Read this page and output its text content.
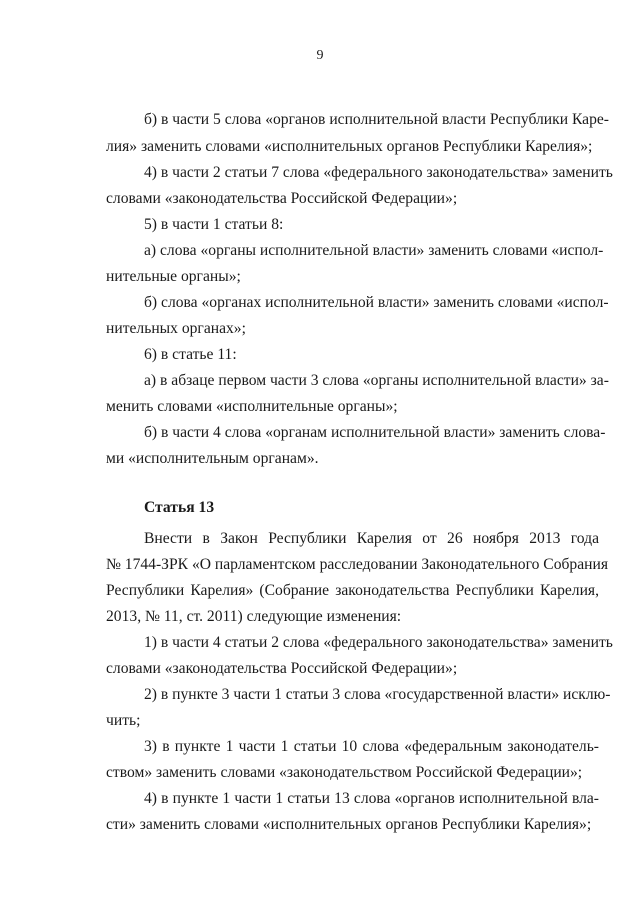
9
б) в части 5 слова «органов исполнительной власти Республики Каре-
лия» заменить словами «исполнительных органов Республики Карелия»;
4) в части 2 статьи 7 слова «федерального законодательства» заменить
словами «законодательства Российской Федерации»;
5) в части 1 статьи 8:
а) слова «органы исполнительной власти» заменить словами «испол-
нительные органы»;
б) слова «органах исполнительной власти» заменить словами «испол-
нительных органах»;
6) в статье 11:
а) в абзаце первом части 3 слова «органы исполнительной власти» за-
менить словами «исполнительные органы»;
б) в части 4 слова «органам исполнительной власти» заменить слова-
ми «исполнительным органам».
Статья 13
Внести в Закон Республики Карелия от 26 ноября 2013 года
№ 1744-ЗРК «О парламентском расследовании Законодательного Собрания
Республики Карелия» (Собрание законодательства Республики Карелия,
2013, № 11, ст. 2011) следующие изменения:
1) в части 4 статьи 2 слова «федерального законодательства» заменить
словами «законодательства Российской Федерации»;
2) в пункте 3 части 1 статьи 3 слова «государственной власти» исклю-
чить;
3) в пункте 1 части 1 статьи 10 слова «федеральным законодатель-
ством» заменить словами «законодательством Российской Федерации»;
4) в пункте 1 части 1 статьи 13 слова «органов исполнительной вла-
сти» заменить словами «исполнительных органов Республики Карелия»;
